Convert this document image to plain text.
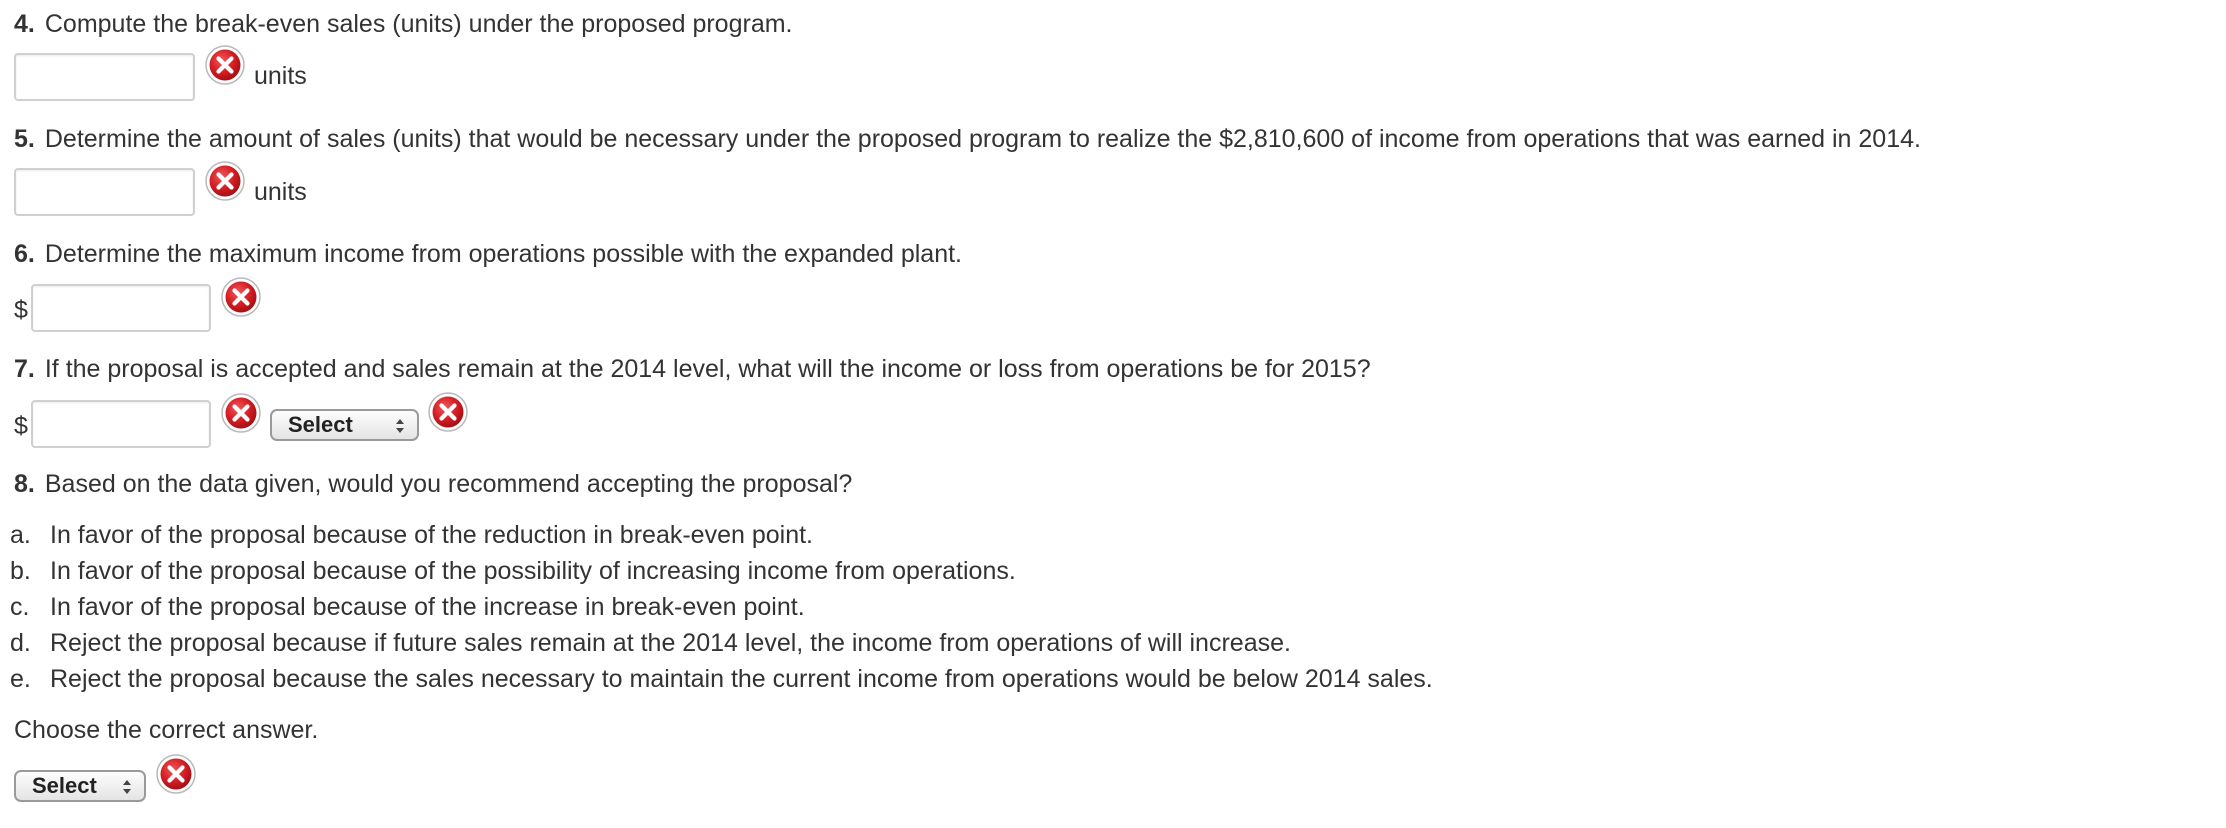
4. Compute the break-even sales (units) under the proposed program.
units
5. Determine the amount of sales (units) that would be necessary under the proposed program to realize the $2,810,600 of income from operations that was earned in 2014.
units
6. Determine the maximum income from operations possible with the expanded plant.
$
7. If the proposal is accepted and sales remain at the 2014 level, what will the income or loss from operations be for 2015?
$	Select
8. Based on the data given, would you recommend accepting the proposal?
a. In favor of the proposal because of the reduction in break-even point.
b. In favor of the proposal because of the possibility of increasing income from operations.
c. In favor of the proposal because of the increase in break-even point.
d. Reject the proposal because if future sales remain at the 2014 level, the income from operations of will increase.
e. Reject the proposal because the sales necessary to maintain the current income from operations would be below 2014 sales.
Choose the correct answer.
Select
